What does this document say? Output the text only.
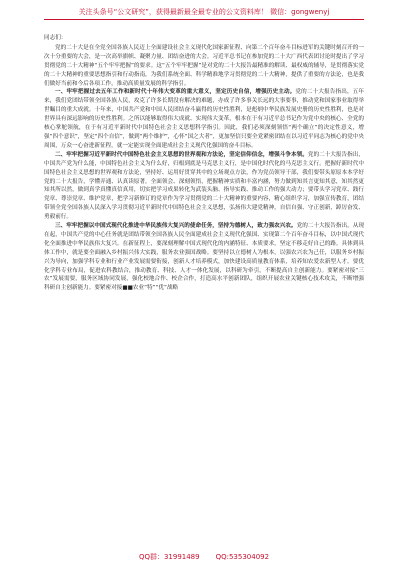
关注头条号“公文研究”，获得最新最全最专业的公文资料库！ 微信：gongwenyj

同志们：

党的二十大是在全党全国各族人民迈上全面建设社会主义现代化国家新征程、向第二个百年奋斗目标进军的关键时刻召开的一次十分重要的大会，是一次高举旗帜、凝聚力量、团结奋进的大会。习近平总书记在参加党的二十大广西代表团讨论时提出了学习贯彻党的二十大精神“五个牢牢把握”的要求。这“五个牢牢把握”是对党的二十大报告最精准的解读、最权威的辅导，是贯彻落实党的二十大精神的重要思想指引和行动指南，为我们系统全面、科学精准地学习贯彻党的二十大精神，提供了重要的方法论，也是我们做好当前和今后各项工作，推动高质量发展的科学指引。

一、牢牢把握过去五年工作和新时代十年伟大变革的重大意义，坚定历史自信，增强历史主动。党的二十大报告指出，五年来，我们党团结带领全国各族人民，攻克了许多长期没有解决的难题，办成了许多事关长远的大事要事，推动党和国家事业取得举世瞩目的重大成就。十年来，中国共产党和中国人民团结奋斗赢得的历史性胜利，是彪炳中华民族发展史册的历史性胜利，也是对世界具有深远影响的历史性胜利。之所以能够取得伟大成就、实现伟大变革，根本在于有习近平总书记作为党中央的核心、全党的核心掌舵领航，在于有习近平新时代中国特色社会主义思想科学指引。因此，我们必须深刻领悟“两个确立”的决定性意义，增强“四个意识”，坚定“四个自信”，做到“两个维护”，心怀“国之大者”，更加坚信只要全党紧密团结在以习近平同志为核心的党中央周围，万众一心奋进新征程，就一定能实现全面建成社会主义现代化强国的奋斗目标。

二、牢牢把握习近平新时代中国特色社会主义思想的世界观和方法论，坚定信仰信念，增强斗争本领。党的二十大报告指出，中国共产党为什么能，中国特色社会主义为什么好，归根到底是马克思主义行，是中国化时代化的马克思主义行。把握好新时代中国特色社会主义思想的世界观和方法论，坚持好、运用好贯穿其中的立场观点方法，作为党员领导干部，我们要带头原原本本学好党的二十大报告，学懂弄通、认真读原著，全面领会、深刻领悟，把握精神实质和丰富内涵，努力做到知其言更知其意，知其然更知其所以然，做到真学真懂真信真用，切实把学习成果转化为武装头脑、指导实践、推动工作的强大动力；要带头学习党章、践行党章、尊崇党章、维护党章，把学习新修订的党章作为学习贯彻党的二十大精神的重要内容，精心组织学习，加强宣传教育，团结带领全党全国各族人民深入学习贯彻习近平新时代中国特色社会主义思想，弘扬伟大建党精神，自信自强、守正创新，踔厉奋发、勇毅前行。

三、牢牢把握以中国式现代化推进中华民族伟大复兴的使命任务，坚持为德树人，致力强农兴农。党的二十大报告指出，从现在起，中国共产党的中心任务就是团结带领全国各族人民全面建成社会主义现代化强国、实现第二个百年奋斗目标，以中国式现代化全面推进中华民族伟大复兴。在新征程上，要深刻理解中国式现代化的内涵特征、本质要求，坚定不移走好自己的路。具体到具体工作中，就是要全面融入乡村振兴伟大实践，服务农业强国战略。要坚持以立德树人为根本，以强农兴农为己任，以服务乡村振兴为导向，加强学科专业和行业产业发展需要衔接，创新人才培养模式，加快建设高质量教育体系，培养知农爱农新型人才。要优化学科专业布局，促进农科教结合，推动教育、科技、人才一体化发展，以科研为牵引，不断提高自主创新能力。要紧密对接“三农”发展需要，服务区域协同发展，强化校地合作、校企合作，打造高水平创新团队，组织开展农业关键核心技术攻关，不断增强科研自主创新能力。要紧密对接■■农业“特”“优”战略

QQ群：31991489 QQ:535304092
